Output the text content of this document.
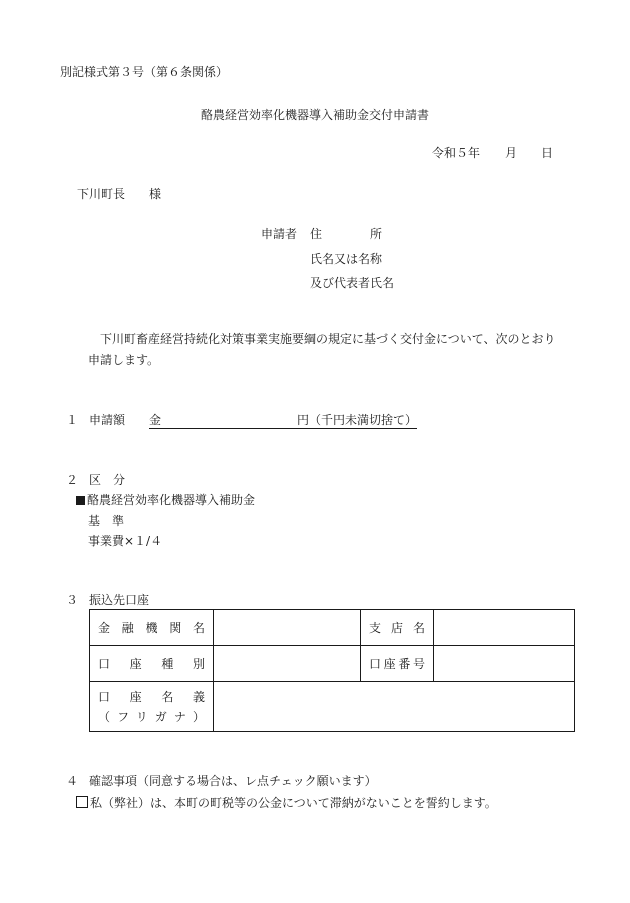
別記様式第３号（第６条関係）
酪農経営効率化機器導入補助金交付申請書
令和５年 月 日
下川町長 様
申請者 住　　　　所
氏名又は名称
及び代表者氏名
下川町畜産経営持続化対策事業実施要綱の規定に基づく交付金について、次のとおり
申請します。
１ 申請額 金	円（千円未満切捨て）
２ 区　分
酪農経営効率化機器導入補助金
基　準
事業費×１/４
３ 振込先口座
金融機関名		支店名	
口座種別		口座番号	

口座名義
（フリガナ）			

４ 確認事項（同意する場合は、レ点チェック願います）
私（弊社）は、本町の町税等の公金について滞納がないことを誓約します。
